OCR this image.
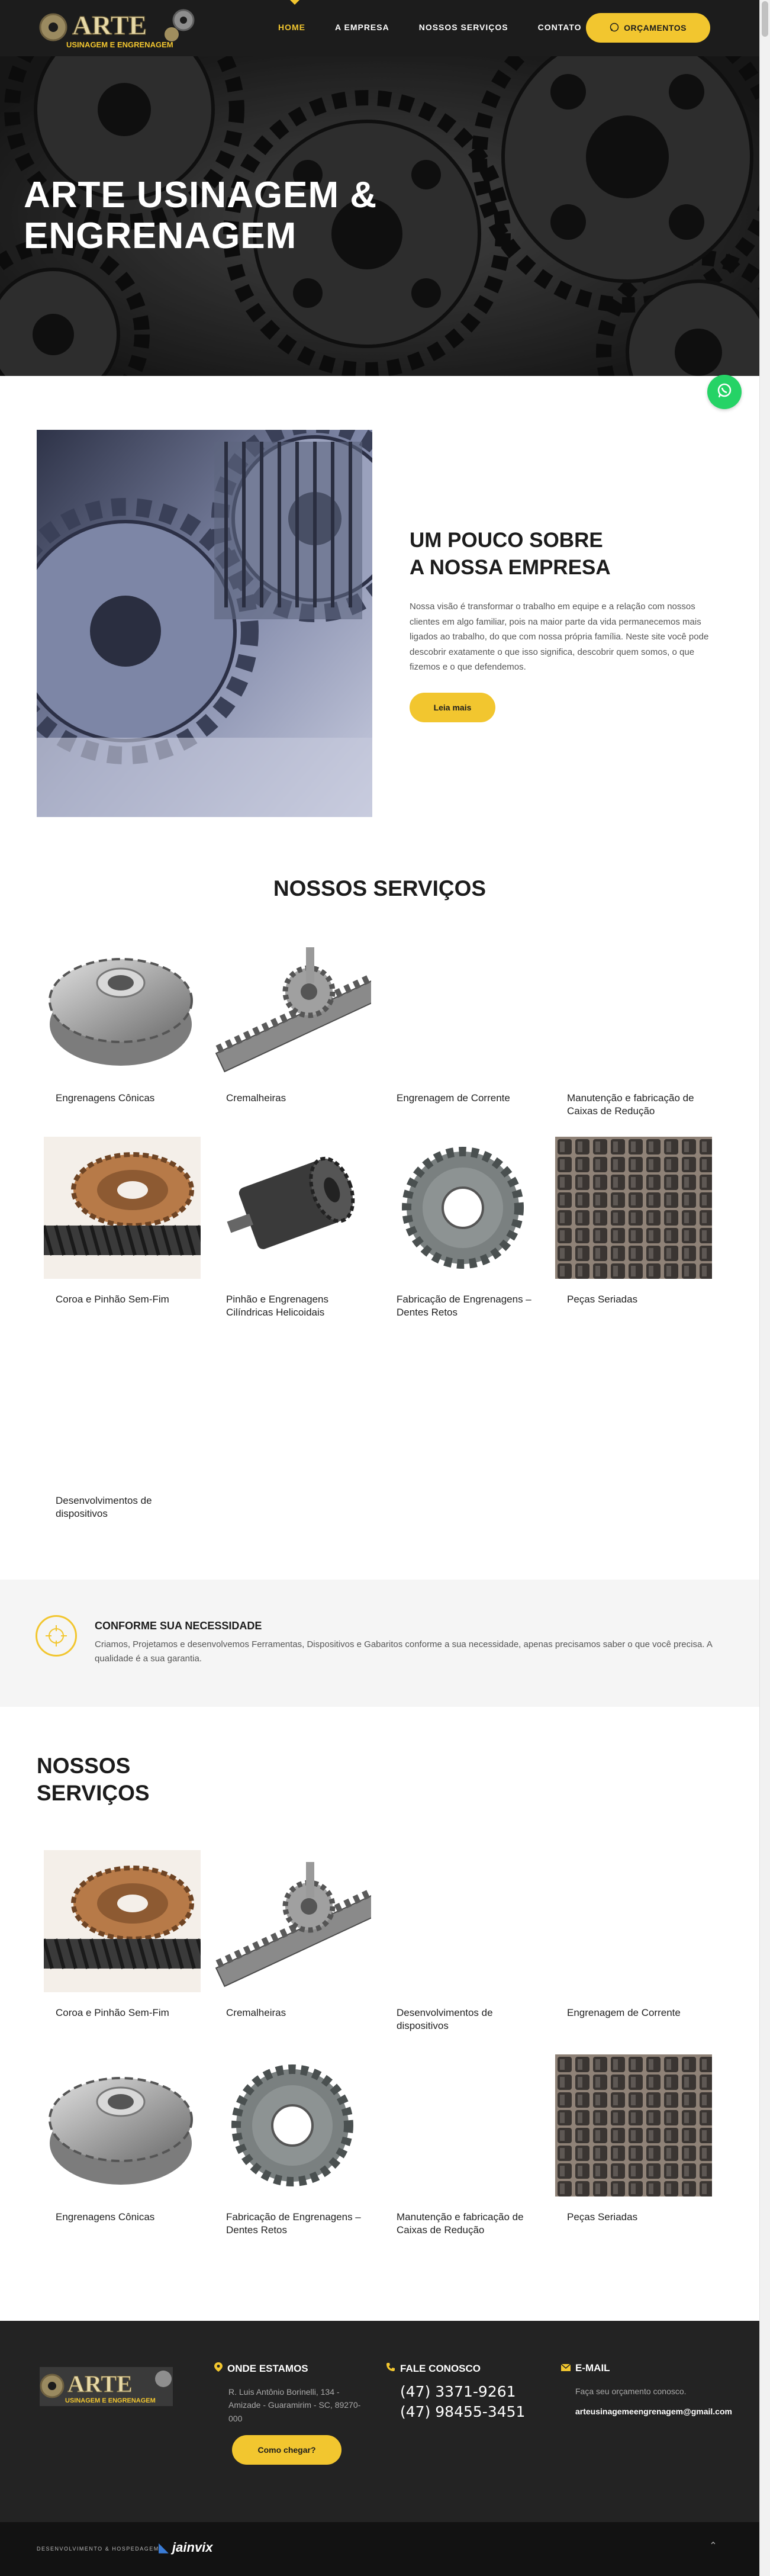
ARTE
USINAGEM E ENGRENAGEM
HOME	A EMPRESA	NOSSOS SERVIÇOS	CONTATO	ORÇAMENTOS
ARTE USINAGEM &
ENGRENAGEM
UM POUCO SOBRE
A NOSSA EMPRESA

Nossa visão é transformar o trabalho em equipe e a relação com nossos clientes em algo familiar, pois na maior parte da vida permanecemos mais ligados ao trabalho, do que com nossa própria família. Neste site você pode descobrir exatamente o que isso significa, descobrir quem somos, o que fizemos e o que defendemos.

Leia mais
NOSSOS SERVIÇOS
Engrenagens Cônicas	Cremalheiras	Engrenagem de Corrente	Manutenção e fabricação de Caixas de Redução
Coroa e Pinhão Sem-Fim	Pinhão e Engrenagens Cilíndricas Helicoidais
Fabricação de Engrenagens – Dentes Retos
Peças Seriadas
Desenvolvimentos de dispositivos
CONFORME SUA NECESSIDADE

Criamos, Projetamos e desenvolvemos Ferramentas, Dispositivos e Gabaritos conforme a sua necessidade, apenas precisamos saber o que você precisa. A qualidade é a sua garantia.

NOSSOS
SERVIÇOS
Coroa e Pinhão Sem-Fim	Cremalheiras	Desenvolvimentos de dispositivos
Engrenagem de Corrente
Engrenagens Cônicas	Fabricação de Engrenagens – Dentes Retos
Manutenção e fabricação de Caixas de Redução
Peças Seriadas
ARTE
USINAGEM E ENGRENAGEM
ONDE ESTAMOS

R. Luis Antônio Borinelli, 134 - Amizade - Guaramirim - SC, 89270-000

Como chegar?
FALE CONOSCO
(47) 3371-9261
(47) 98455-3451
E-MAIL

Faça seu orçamento conosco.

arteusinagemeengrenagem@gmail.com

DESENVOLVIMENTO & HOSPEDAGEM ◣ jainvix	⌃
